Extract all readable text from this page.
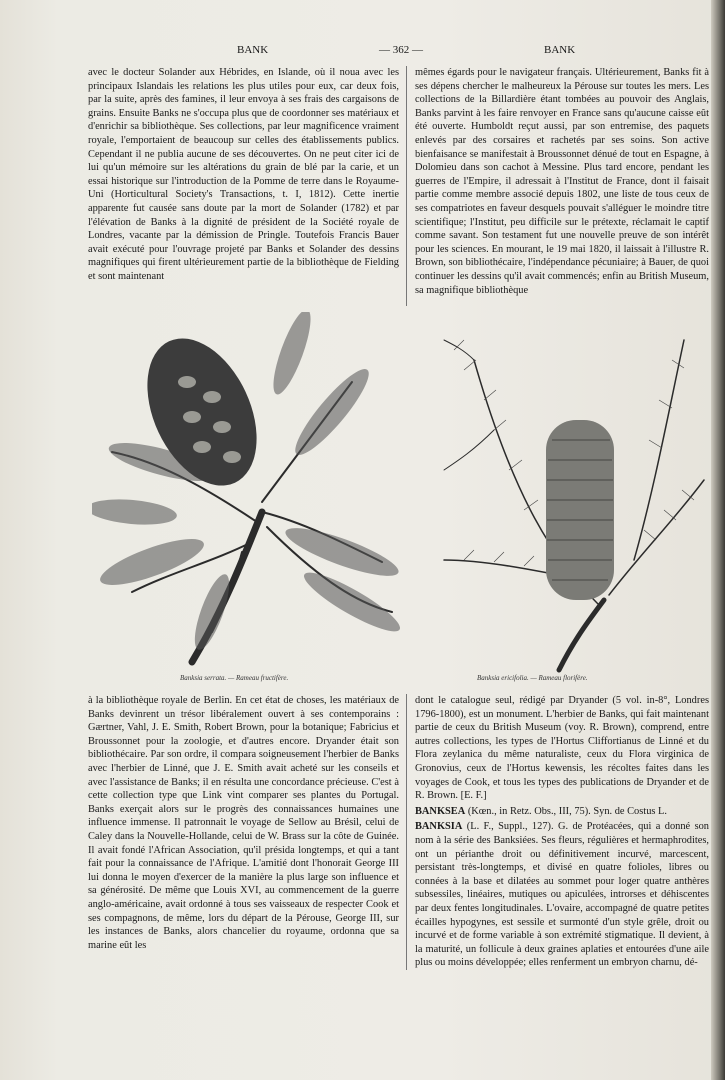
BANK	— 362 —	BANK

avec le docteur Solander aux Hébrides, en Islande, où il noua avec les principaux Islandais les relations les plus utiles pour eux, car deux fois, par la suite, après des famines, il leur envoya à ses frais des cargaisons de grains. Ensuite Banks ne s'occupa plus que de coordonner ses matériaux et d'enrichir sa bibliothèque. Ses collections, par leur magnificence vraiment royale, l'emportaient de beaucoup sur celles des établissements publics. Cependant il ne publia aucune de ses découvertes. On ne peut citer ici de lui qu'un mémoire sur les altérations du grain de blé par la carie, et un essai historique sur l'introduction de la Pomme de terre dans le Royaume-Uni (Horticultural Society's Transactions, t. I, 1812). Cette inertie apparente fut causée sans doute par la mort de Solander (1782) et par l'élévation de Banks à la dignité de président de la Société royale de Londres, vacante par la démission de Pringle. Toutefois Francis Bauer avait exécuté pour l'ouvrage projeté par Banks et Solander des dessins magnifiques qui firent ultérieurement partie de la bibliothèque de Fielding et sont maintenant

mêmes égards pour le navigateur français. Ultérieurement, Banks fit à ses dépens chercher le malheureux la Pérouse sur toutes les mers. Les collections de la Billardière étant tombées au pouvoir des Anglais, Banks parvint à les faire renvoyer en France sans qu'aucune caisse eût été ouverte. Humboldt reçut aussi, par son entremise, des paquets enlevés par des corsaires et rachetés par ses soins. Son active bienfaisance se manifestait à Broussonnet dénué de tout en Espagne, à Dolomieu dans son cachot à Messine. Plus tard encore, pendant les guerres de l'Empire, il adressait à l'Institut de France, dont il faisait partie comme membre associé depuis 1802, une liste de tous ceux de ses compatriotes en faveur desquels pouvait s'alléguer le moindre titre scientifique; l'Institut, peu difficile sur le prétexte, réclamait le captif comme savant. Son testament fut une nouvelle preuve de son intérêt pour les sciences. En mourant, le 19 mai 1820, il laissait à l'illustre R. Brown, son bibliothécaire, l'indépendance pécuniaire; à Bauer, de quoi continuer les dessins qu'il avait commencés; enfin au British Museum, sa magnifique bibliothèque

Banksia serrata. — Rameau fructifère.	Banksia ericifolia. — Rameau florifère.

à la bibliothèque royale de Berlin. En cet état de choses, les matériaux de Banks devinrent un trésor libéralement ouvert à ses contemporains : Gærtner, Vahl, J. E. Smith, Robert Brown, pour la botanique; Fabricius et Broussonnet pour la zoologie, et d'autres encore. Dryander était son bibliothécaire. Par son ordre, il compara soigneusement l'herbier de Banks avec l'herbier de Linné, que J. E. Smith avait acheté sur les conseils et avec l'assistance de Banks; il en résulta une concordance précieuse. C'est à cette collection type que Link vint comparer ses plantes du Portugal. Banks exerçait alors sur le progrès des connaissances humaines une influence immense. Il patronnait le voyage de Sellow au Brésil, celui de Caley dans la Nouvelle-Hollande, celui de W. Brass sur la côte de Guinée. Il avait fondé l'African Association, qu'il présida longtemps, et qui a tant fait pour la connaissance de l'Afrique. L'amitié dont l'honorait George III lui donna le moyen d'exercer de la manière la plus large son influence et sa générosité. De même que Louis XVI, au commencement de la guerre anglo-américaine, avait ordonné à tous ses vaisseaux de respecter Cook et ses compagnons, de même, lors du départ de la Pérouse, George III, sur les instances de Banks, alors chancelier du royaume, ordonna que sa marine eût les

dont le catalogue seul, rédigé par Dryander (5 vol. in-8°, Londres 1796-1800), est un monument. L'herbier de Banks, qui fait maintenant partie de ceux du British Museum (voy. R. Brown), comprend, entre autres collections, les types de l'Hortus Cliffortianus de Linné et du Flora zeylanica du même naturaliste, ceux du Flora virginica de Gronovius, ceux de l'Hortus kewensis, les récoltes faites dans les voyages de Cook, et tous les types des publications de Dryander et de R. Brown. [E. F.]

BANKSEA (Kœn., in Retz. Obs., III, 75). Syn. de Costus L.

BANKSIA (L. F., Suppl., 127). G. de Protéacées, qui a donné son nom à la série des Banksiées. Ses fleurs, régulières et hermaphrodites, ont un périanthe droit ou définitivement incurvé, marcescent, persistant très-longtemps, et divisé en quatre folioles, libres ou connées à la base et dilatées au sommet pour loger quatre anthères subsessiles, linéaires, mutiques ou apiculées, introrses et déhiscentes par deux fentes longitudinales. L'ovaire, accompagné de quatre petites écailles hypogynes, est sessile et surmonté d'un style grêle, droit ou incurvé et de forme variable à son extrémité stigmatique. Il devient, à la maturité, un follicule à deux graines aplaties et entourées d'une aile plus ou moins développée; elles renferment un embryon charnu, dé-
